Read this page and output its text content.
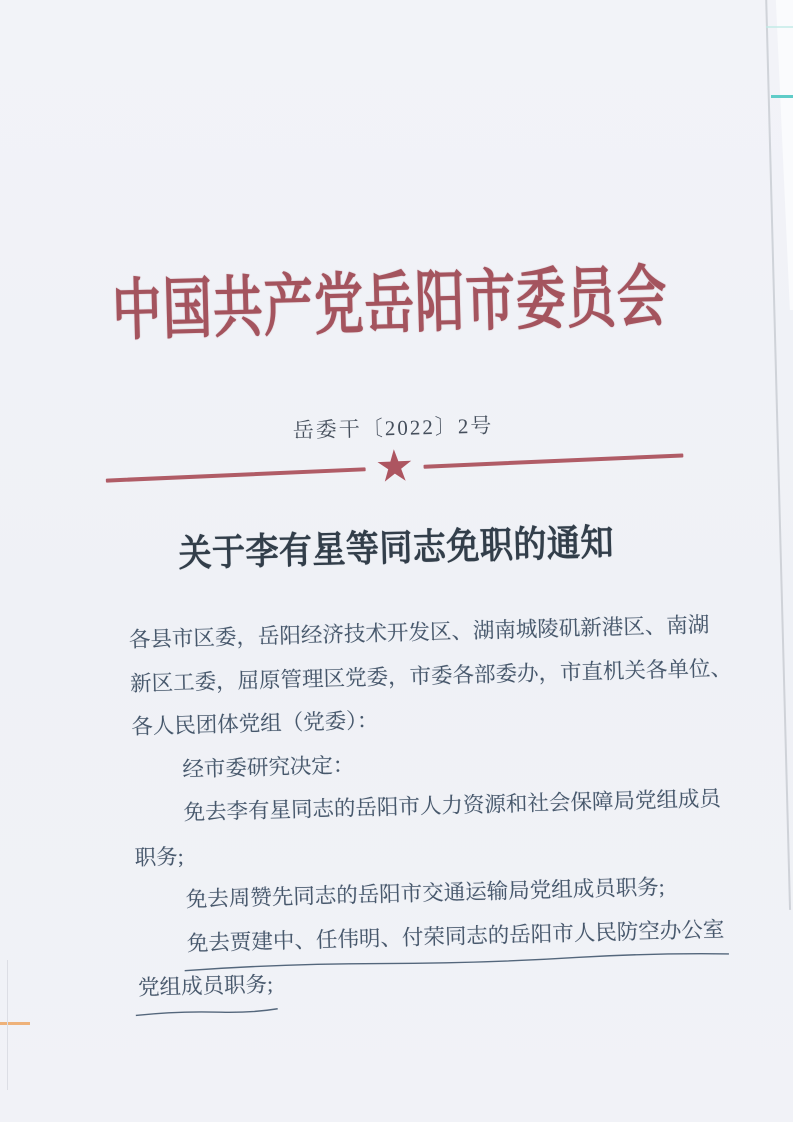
中国共产党岳阳市委员会
岳委干〔2022〕2号
★
关于李有星等同志免职的通知
各县市区委，岳阳经济技术开发区、湖南城陵矶新港区、南湖
新区工委，屈原管理区党委，市委各部委办，市直机关各单位、
各人民团体党组（党委）：
经市委研究决定：
免去李有星同志的岳阳市人力资源和社会保障局党组成员
职务;
免去周赞先同志的岳阳市交通运输局党组成员职务;
免去贾建中、任伟明、付荣同志的岳阳市人民防空办公室
党组成员职务;
